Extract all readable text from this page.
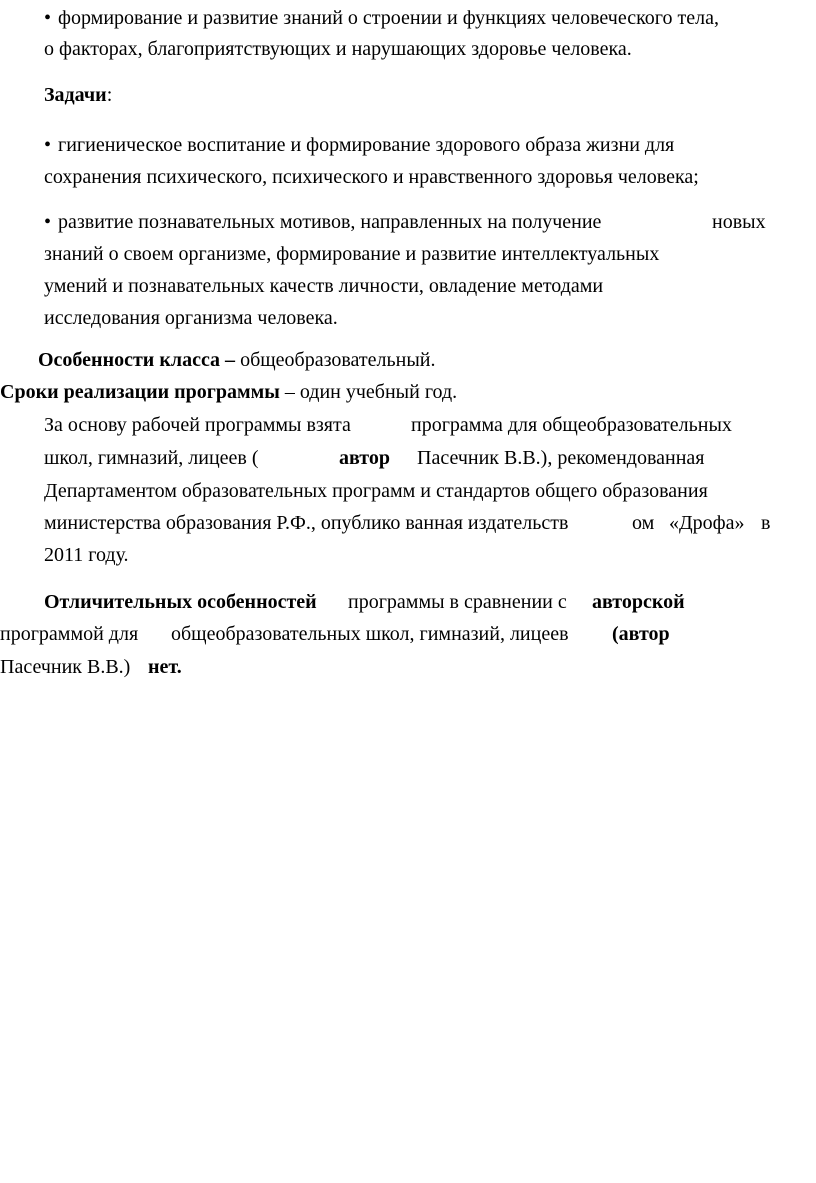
• формирование и развитие знаний о строении и функциях человеческого тела,
о факторах, благоприятствующих и нарушающих здоровье человека.
Задачи:
• гигиеническое воспитание и формирование здорового образа жизни для
сохранения психического, психического и нравственного здоровья человека;
• развитие познавательных мотивов, направленных на получение	новых
знаний о своем организме, формирование и развитие интеллектуальных
умений и познавательных качеств личности, овладение методами
исследования организма человека.
Особенности класса – общеобразовательный.
Сроки реализации программы – один учебный год.
За основу рабочей программы взята	программа для общеобразовательных
школ, гимназий, лицеев (	автор Пасечник В.В.), рекомендованная
Департаментом образовательных программ и стандартов общего образования
министерства образования Р.Ф., опублико ванная издательств	ом «Дрофа» в
2011 году.
Отличительных особенностей программы в сравнении с авторской
программой для общеобразовательных школ, гимназий, лицеев (автор
Пасечник В.В.) нет.
